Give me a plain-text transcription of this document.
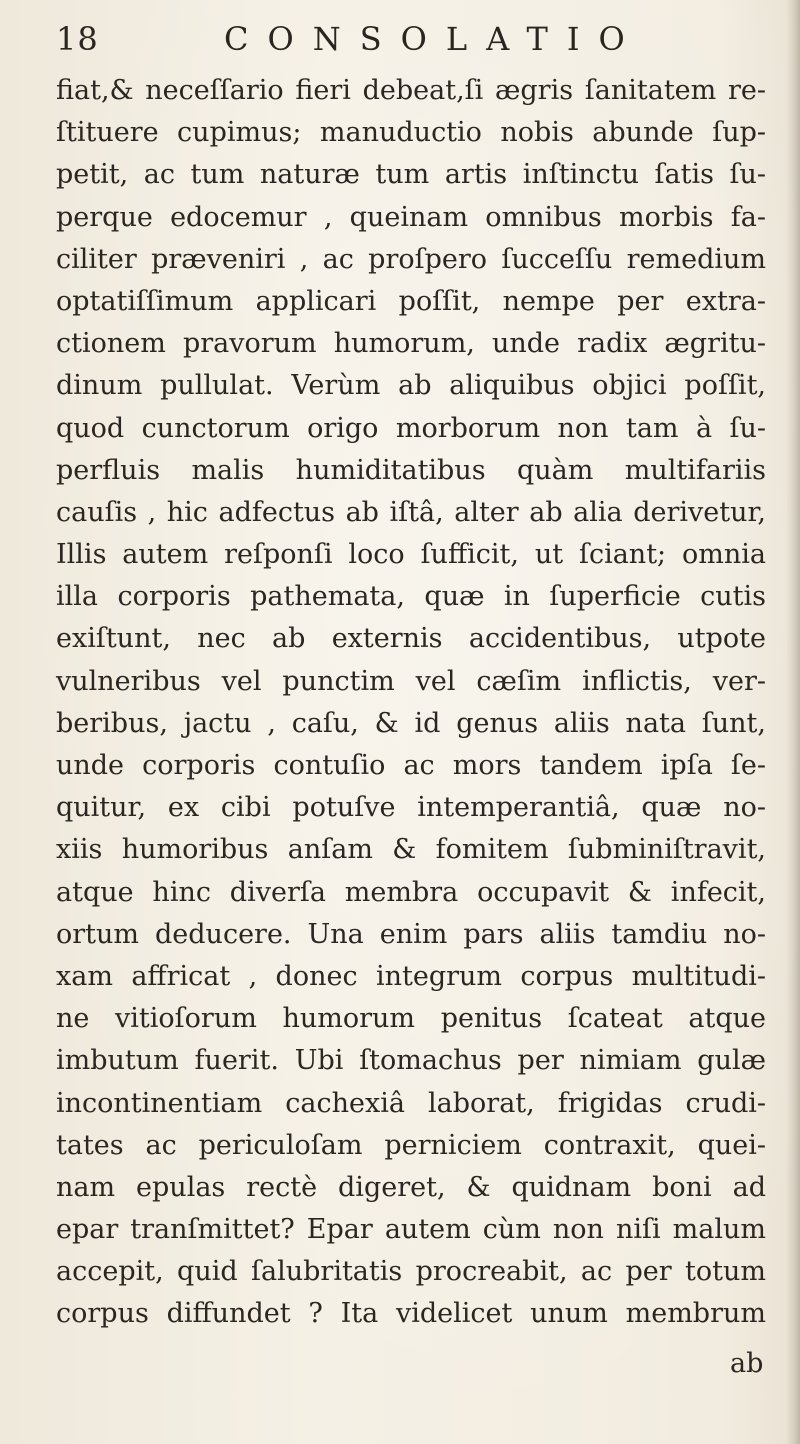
18	CONSOLATIO
fiat,& neceſſario fieri debeat,ſi ægris ſanitatem re-
ſtituere cupimus; manuductio nobis abunde ſup-
petit, ac tum naturæ tum artis inſtinctu ſatis ſu-
perque edocemur , queinam omnibus morbis fa-
ciliter præveniri , ac proſpero ſucceſſu remedium
optatiſſimum applicari poſſit, nempe per extra-
ctionem pravorum humorum, unde radix ægritu-
dinum pullulat. Verùm ab aliquibus objici poſſit,
quod cunctorum origo morborum non tam à ſu-
perfluis malis humiditatibus quàm multifariis
cauſis , hic adfectus ab iſtâ, alter ab alia derivetur,
Illis autem reſponſi loco ſufficit, ut ſciant; omnia
illa corporis pathemata, quæ in ſuperficie cutis
exiſtunt, nec ab externis accidentibus, utpote
vulneribus vel punctim vel cæſim inflictis, ver-
beribus, jactu , caſu, & id genus aliis nata ſunt,
unde corporis contuſio ac mors tandem ipſa ſe-
quitur, ex cibi potuſve intemperantiâ, quæ no-
xiis humoribus anſam & fomitem ſubminiſtravit,
atque hinc diverſa membra occupavit & infecit,
ortum deducere. Una enim pars aliis tamdiu no-
xam affricat , donec integrum corpus multitudi-
ne vitioſorum humorum penitus ſcateat atque
imbutum fuerit. Ubi ſtomachus per nimiam gulæ
incontinentiam cachexiâ laborat, frigidas crudi-
tates ac periculoſam perniciem contraxit, quei-
nam epulas rectè digeret, & quidnam boni ad
epar tranſmittet? Epar autem cùm non niſi malum
accepit, quid ſalubritatis procreabit, ac per totum
corpus diffundet ? Ita videlicet unum membrum
ab
